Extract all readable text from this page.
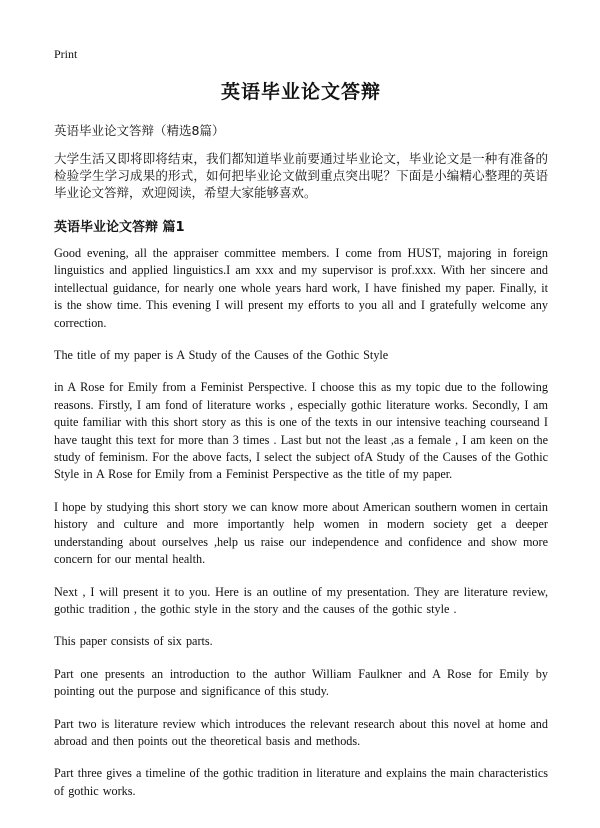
Print
英语毕业论文答辩

英语毕业论文答辩（精选8篇）

大学生活又即将即将结束，我们都知道毕业前要通过毕业论文，毕业论文是一种有准备的 检验学生学习成果的形式，如何把毕业论文做到重点突出呢？下面是小编精心整理的英语毕业论文答辩，欢迎阅读，希望大家能够喜欢。

英语毕业论文答辩 篇1

Good evening, all the appraiser committee members. I come from HUST, majoring in foreign linguistics and applied linguistics.I am xxx and my supervisor is prof.xxx. With her sincere and intellectual guidance, for nearly one whole years hard work, I have finished my paper. Finally, it is the show time. This evening I will present my efforts to you all and I gratefully welcome any correction.

The title of my paper is A Study of the Causes of the Gothic Style

in A Rose for Emily from a Feminist Perspective. I choose this as my topic due to the following reasons. Firstly, I am fond of literature works , especially gothic literature works. Secondly, I am quite familiar with this short story as this is one of the texts in our intensive teaching courseand I have taught this text for more than 3 times . Last but not the least ,as a female , I am keen on the study of feminism. For the above facts, I select the subject ofA Study of the Causes of the Gothic Style in A Rose for Emily from a Feminist Perspective as the title of my paper.

I hope by studying this short story we can know more about American southern women in certain history and culture and more importantly help women in modern society get a deeper understanding about ourselves ,help us raise our independence and confidence and show more concern for our mental health.

Next , I will present it to you. Here is an outline of my presentation. They are literature review, gothic tradition , the gothic style in the story and the causes of the gothic style .

This paper consists of six parts.

Part one presents an introduction to the author William Faulkner and A Rose for Emily by pointing out the purpose and significance of this study.

Part two is literature review which introduces the relevant research about this novel at home and abroad and then points out the theoretical basis and methods.

Part three gives a timeline of the gothic tradition in literature and explains the main characteristics of gothic works.
